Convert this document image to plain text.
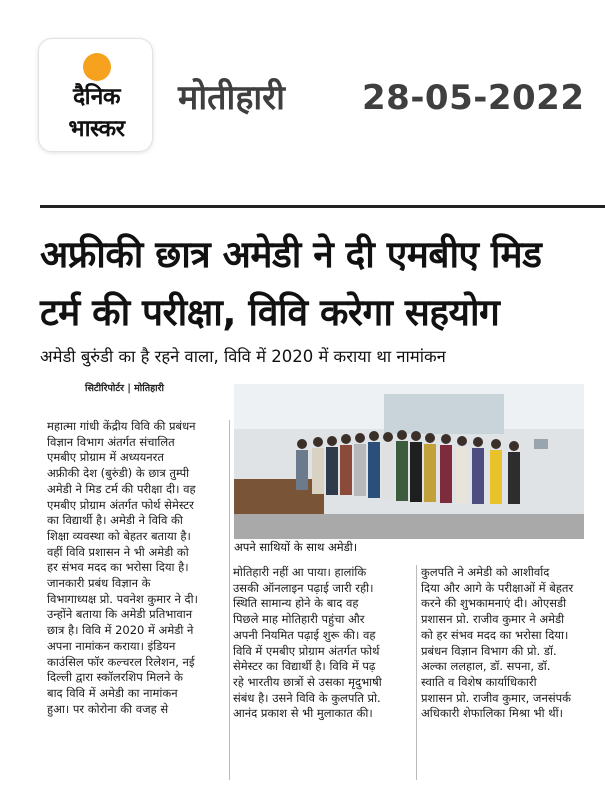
दैनिक
भास्कर
मोतीहारी 28-05-2022
अफ्रीकी छात्र अमेडी ने दी एमबीए मिड
टर्म की परीक्षा, विवि करेगा सहयोग
अमेडी बुरुंडी का है रहने वाला, विवि में 2020 में कराया था नामांकन
सिटीरिपोर्टर | मोतिहारी
अपने साथियों के साथ अमेडी।

महात्मा गांधी केंद्रीय विवि की प्रबंधन

विज्ञान विभाग अंतर्गत संचालित

एमबीए प्रोग्राम में अध्ययनरत

अफ्रीकी देश (बुरुंडी) के छात्र तुम्पी

अमेडी ने मिड टर्म की परीक्षा दी। वह

एमबीए प्रोग्राम अंतर्गत फोर्थ सेमेस्टर

का विद्यार्थी है। अमेडी ने विवि की

शिक्षा व्यवस्था को बेहतर बताया है।

वहीं विवि प्रशासन ने भी अमेडी को

हर संभव मदद का भरोसा दिया है।

जानकारी प्रबंध विज्ञान के

विभागाध्यक्ष प्रो. पवनेश कुमार ने दी।

उन्होंने बताया कि अमेडी प्रतिभावान

छात्र है। विवि में 2020 में अमेडी ने

अपना नामांकन कराया। इंडियन

काउंसिल फॉर कल्चरल रिलेशन, नई

दिल्ली द्वारा स्कॉलरशिप मिलने के

बाद विवि में अमेडी का नामांकन

हुआ। पर कोरोना की वजह से

मोतिहारी नहीं आ पाया। हालांकि

उसकी ऑनलाइन पढ़ाई जारी रही।

स्थिति सामान्य होने के बाद वह

पिछले माह मोतिहारी पहुंचा और

अपनी नियमित पढ़ाई शुरू की। वह

विवि में एमबीए प्रोग्राम अंतर्गत फोर्थ

सेमेस्टर का विद्यार्थी है। विवि में पढ़

रहे भारतीय छात्रों से उसका मृदुभाषी

संबंध है। उसने विवि के कुलपति प्रो.

आनंद प्रकाश से भी मुलाकात की।

कुलपति ने अमेडी को आशीर्वाद

दिया और आगे के परीक्षाओं में बेहतर

करने की शुभकामनाएं दी। ओएसडी

प्रशासन प्रो. राजीव कुमार ने अमेडी

को हर संभव मदद का भरोसा दिया।

प्रबंधन विज्ञान विभाग की प्रो. डॉ.

अल्का ललहाल, डॉ. सपना, डॉ.

स्वाति व विशेष कार्याधिकारी

प्रशासन प्रो. राजीव कुमार, जनसंपर्क

अधिकारी शेफालिका मिश्रा भी थीं।
